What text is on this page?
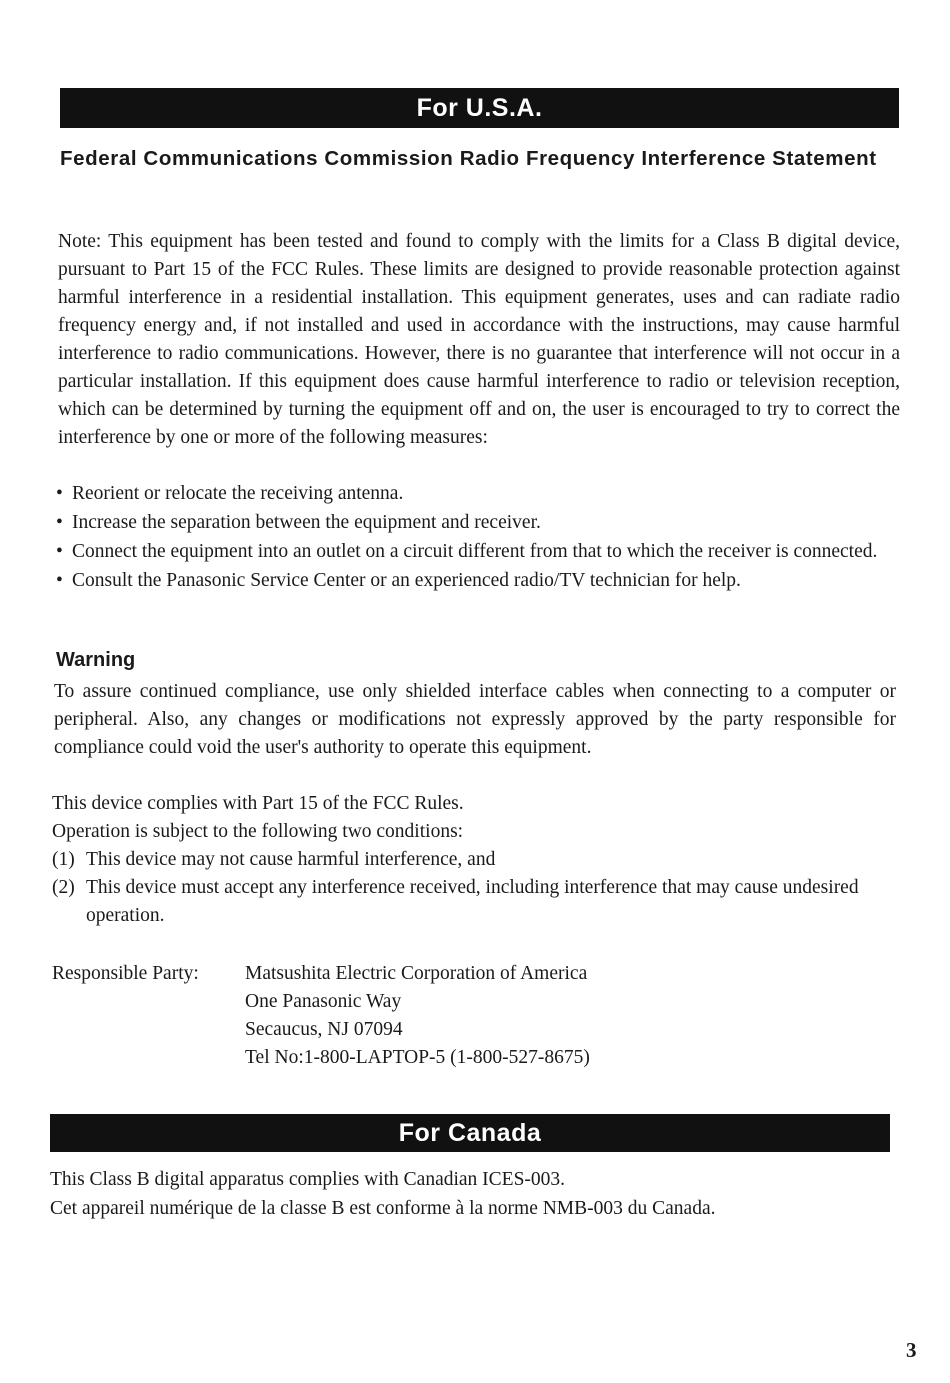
For U.S.A.
Federal Communications Commission Radio Frequency Interference Statement
Note: This equipment has been tested and found to comply with the limits for a Class B digital device, pursuant to Part 15 of the FCC Rules. These limits are designed to provide reasonable protection against harmful interference in a residential installation. This equipment generates, uses and can radiate radio frequency energy and, if not installed and used in accordance with the instructions, may cause harmful interference to radio communications. However, there is no guarantee that interference will not occur in a particular installation. If this equipment does cause harmful interference to radio or television reception, which can be determined by turning the equipment off and on, the user is encouraged to try to correct the interference by one or more of the following measures:
• Reorient or relocate the receiving antenna.
• Increase the separation between the equipment and receiver.
• Connect the equipment into an outlet on a circuit different from that to which the receiver is connected.
• Consult the Panasonic Service Center or an experienced radio/TV technician for help.
Warning
To assure continued compliance, use only shielded interface cables when connecting to a computer or peripheral. Also, any changes or modifications not expressly approved by the party responsible for compliance could void the user's authority to operate this equipment.
This device complies with Part 15 of the FCC Rules.
Operation is subject to the following two conditions:
(1) This device may not cause harmful interference, and
(2) This device must accept any interference received, including interference that may cause undesired operation.
Responsible Party: Matsushita Electric Corporation of America
One Panasonic Way
Secaucus, NJ 07094
Tel No:1-800-LAPTOP-5 (1-800-527-8675)
For Canada
This Class B digital apparatus complies with Canadian ICES-003.
Cet appareil numérique de la classe B est conforme à la norme NMB-003 du Canada.
3
